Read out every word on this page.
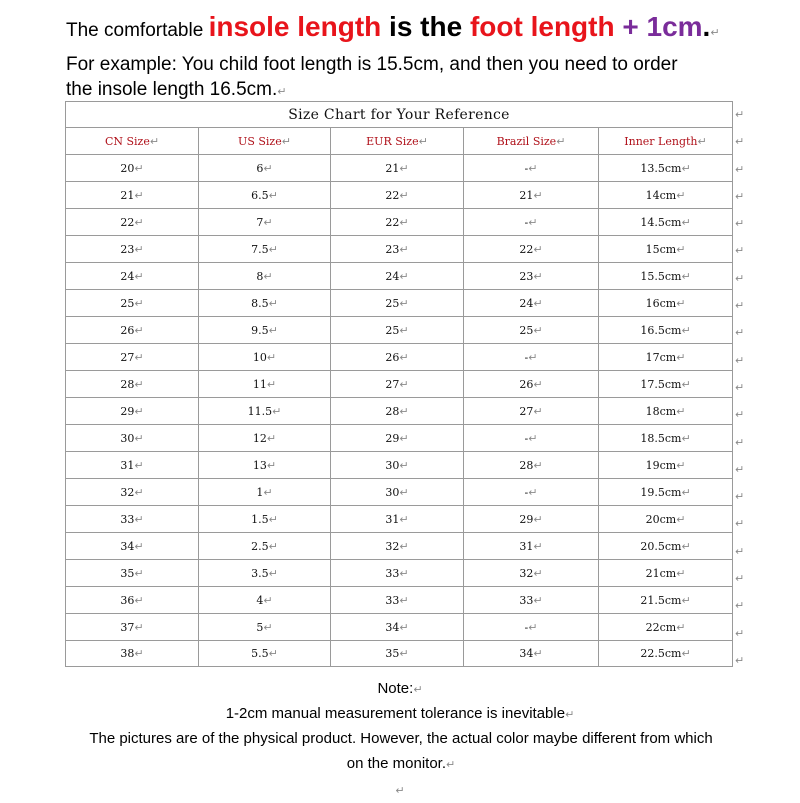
The comfortable insole length is the foot length + 1cm.↵
For example: You child foot length is 15.5cm, and then you need to order
the insole length 16.5cm.↵
Size Chart for Your Reference				
CN Size↵	US Size↵	EUR Size↵	Brazil Size↵	Inner Length↵
20↵	6↵	21↵	-↵	13.5cm↵
21↵	6.5↵	22↵	21↵	14cm↵
22↵	7↵	22↵	-↵	14.5cm↵
23↵	7.5↵	23↵	22↵	15cm↵
24↵	8↵	24↵	23↵	15.5cm↵
25↵	8.5↵	25↵	24↵	16cm↵
26↵	9.5↵	25↵	25↵	16.5cm↵
27↵	10↵	26↵	-↵	17cm↵
28↵	11↵	27↵	26↵	17.5cm↵
29↵	11.5↵	28↵	27↵	18cm↵
30↵	12↵	29↵	-↵	18.5cm↵
31↵	13↵	30↵	28↵	19cm↵
32↵	1↵	30↵	-↵	19.5cm↵
33↵	1.5↵	31↵	29↵	20cm↵
34↵	2.5↵	32↵	31↵	20.5cm↵
35↵	3.5↵	33↵	32↵	21cm↵
36↵	4↵	33↵	33↵	21.5cm↵
37↵	5↵	34↵	-↵	22cm↵
38↵	5.5↵	35↵	34↵	22.5cm↵
↵
↵
↵
↵
↵
↵
↵
↵
↵
↵
↵
↵
↵
↵
↵
↵
↵
↵
↵
↵
↵
Note:↵
1-2cm manual measurement tolerance is inevitable↵
The pictures are of the physical product. However, the actual color maybe different from which
on the monitor.↵
↵
